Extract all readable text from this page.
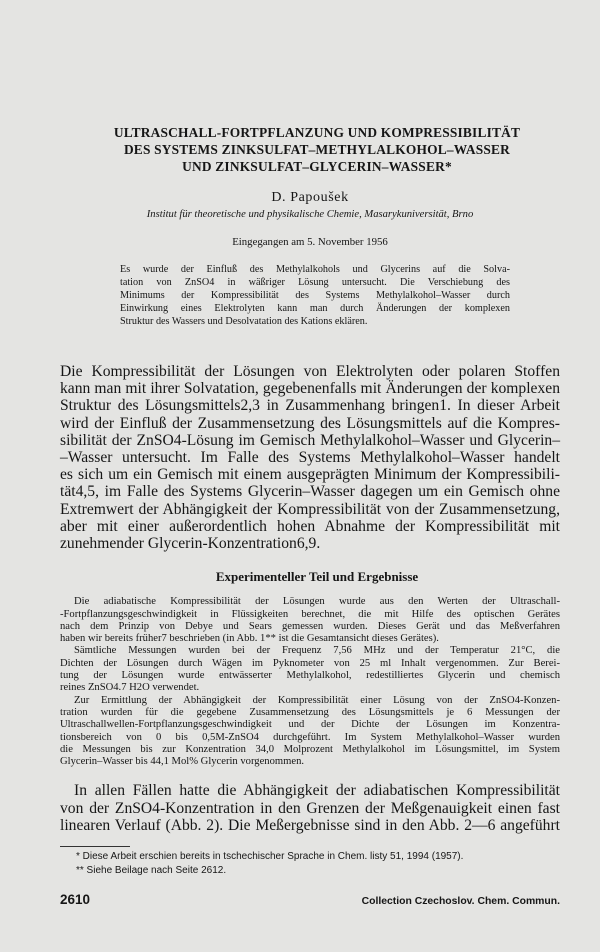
ULTRASCHALL-FORTPFLANZUNG UND KOMPRESSIBILITÄT
DES SYSTEMS ZINKSULFAT–METHYLALKOHOL–WASSER
UND ZINKSULFAT–GLYCERIN–WASSER*
D. Papoušek
Institut für theoretische und physikalische Chemie, Masarykuniversität, Brno
Eingegangen am 5. November 1956
Es wurde der Einfluß des Methylalkohols und Glycerins auf die Solva-
tation von ZnSO4 in wäßriger Lösung untersucht. Die Verschiebung des
Minimums der Kompressibilität des Systems Methylalkohol–Wasser durch
Einwirkung eines Elektrolyten kann man durch Änderungen der komplexen
Struktur des Wassers und Desolvatation des Kations eklären.
Die Kompressibilität der Lösungen von Elektrolyten oder polaren Stoffen
kann man mit ihrer Solvatation, gegebenenfalls mit Änderungen der komplexen
Struktur des Lösungsmittels2,3 in Zusammenhang bringen1. In dieser Arbeit
wird der Einfluß der Zusammensetzung des Lösungsmittels auf die Kompres-
sibilität der ZnSO4-Lösung im Gemisch Methylalkohol–Wasser und Glycerin–
–Wasser untersucht. Im Falle des Systems Methylalkohol–Wasser handelt
es sich um ein Gemisch mit einem ausgeprägten Minimum der Kompressibili-
tät4,5, im Falle des Systems Glycerin–Wasser dagegen um ein Gemisch ohne
Extremwert der Abhängigkeit der Kompressibilität von der Zusammensetzung,
aber mit einer außerordentlich hohen Abnahme der Kompressibilität mit
zunehmender Glycerin-Konzentration6,9.
Experimenteller Teil und Ergebnisse
Die adiabatische Kompressibilität der Lösungen wurde aus den Werten der Ultraschall-
-Fortpflanzungsgeschwindigkeit in Flüssigkeiten berechnet, die mit Hilfe des optischen Gerätes
nach dem Prinzip von Debye und Sears gemessen wurden. Dieses Gerät und das Meßverfahren
haben wir bereits früher7 beschrieben (in Abb. 1** ist die Gesamtansicht dieses Gerätes).
Sämtliche Messungen wurden bei der Frequenz 7,56 MHz und der Temperatur 21°C, die
Dichten der Lösungen durch Wägen im Pyknometer von 25 ml Inhalt vergenommen. Zur Berei-
tung der Lösungen wurde entwässerter Methylalkohol, redestilliertes Glycerin und chemisch
reines ZnSO4.7 H2O verwendet.
Zur Ermittlung der Abhängigkeit der Kompressibilität einer Lösung von der ZnSO4-Konzen-
tration wurden für die gegebene Zusammensetzung des Lösungsmittels je 6 Messungen der
Ultraschallwellen-Fortpflanzungsgeschwindigkeit und der Dichte der Lösungen im Konzentra-
tionsbereich von 0 bis 0,5M-ZnSO4 durchgeführt. Im System Methylalkohol–Wasser wurden
die Messungen bis zur Konzentration 34,0 Molprozent Methylalkohol im Lösungsmittel, im System
Glycerin–Wasser bis 44,1 Mol% Glycerin vorgenommen.
In allen Fällen hatte die Abhängigkeit der adiabatischen Kompressibilität
von der ZnSO4-Konzentration in den Grenzen der Meßgenauigkeit einen fast
linearen Verlauf (Abb. 2). Die Meßergebnisse sind in den Abb. 2—6 angeführt
* Diese Arbeit erschien bereits in tschechischer Sprache in Chem. listy 51, 1994 (1957).
** Siehe Beilage nach Seite 2612.
2610	Collection Czechoslov. Chem. Commun.
